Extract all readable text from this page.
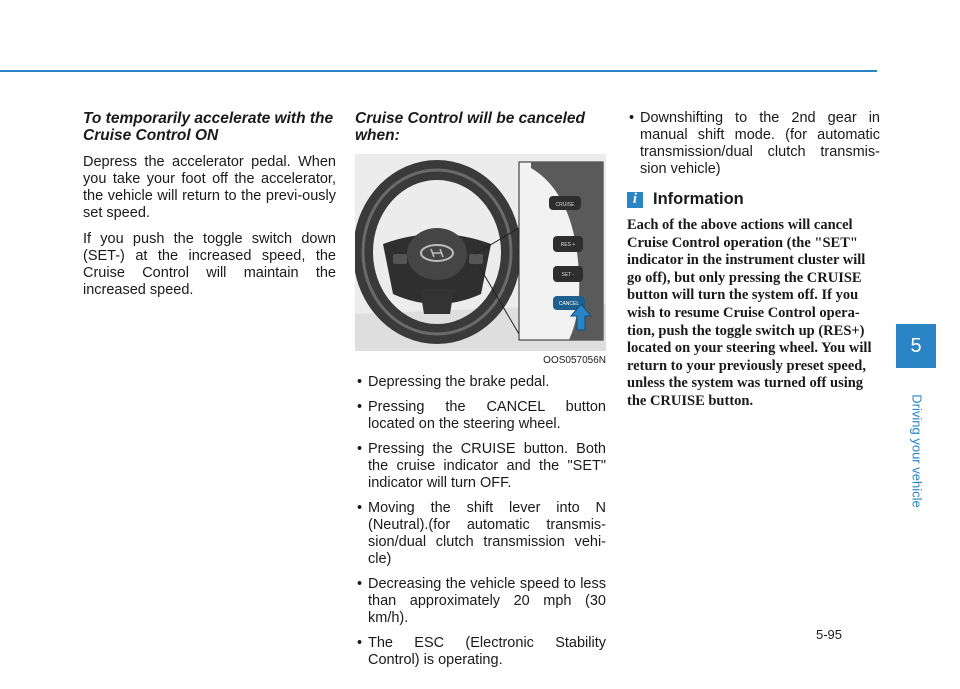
To temporarily accelerate with the Cruise Control ON

Depress the accelerator pedal. When you take your foot off the accelerator, the vehicle will return to the previ-ously set speed.

If you push the toggle switch down (SET-) at the increased speed, the Cruise Control will maintain the increased speed.

Cruise Control will be canceled when:
CRUISE
RES +
SET -
CANCEL
OOS057056N
• Depressing the brake pedal.
• Pressing the CANCEL button located on the steering wheel.
• Pressing the CRUISE button. Both the cruise indicator and the "SET" indicator will turn OFF.
• Moving the shift lever into N (Neutral).(for automatic transmis-sion/dual clutch transmission vehi-cle)
• Decreasing the vehicle speed to less than approximately 20 mph (30 km/h).
• The ESC (Electronic Stability Control) is operating.
• Downshifting to the 2nd gear in manual shift mode. (for automatic transmission/dual clutch transmis-sion vehicle)
i Information

Each of the above actions will cancel Cruise Control operation (the "SET" indicator in the instrument cluster will go off), but only pressing the CRUISE button will turn the system off. If you wish to resume Cruise Control opera-tion, push the toggle switch up (RES+) located on your steering wheel. You will return to your previously preset speed, unless the system was turned off using the CRUISE button.

5
Driving your vehicle
5-95
